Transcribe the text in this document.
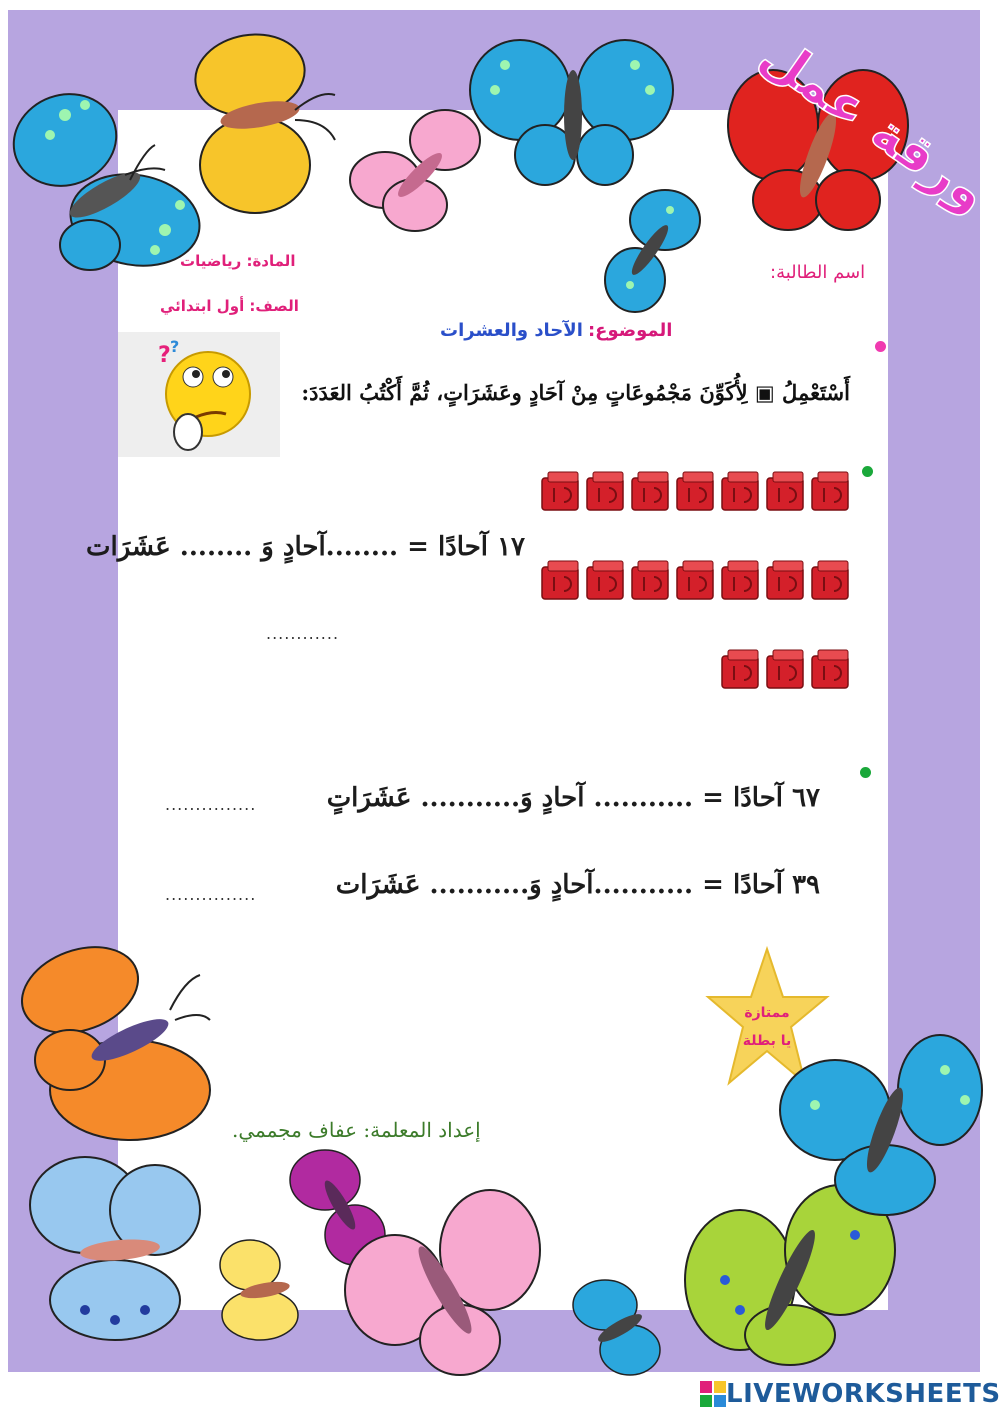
ورقة عمل
المادة: رياضيات
الصف: أول ابتدائي
اسم الطالبة:
الموضوع: الآحاد والعشرات
? ?
أَسْتَعْمِلُ ▣ لِأُكَوِّنَ مَجْمُوعَاتٍ مِنْ آحَادٍ وعَشَرَاتٍ، ثُمَّ أَكْتُبُ العَدَدَ:
١٧ آحادًا = ........آحادٍ وَ ........ عَشَرَات
............
٦٧ آحادًا = ........... آحادٍ وَ........... عَشَرَاتٍ
...............
٣٩ آحادًا = ...........آحادٍ وَ........... عَشَرَات
...............
ممتازة
يا بطلة
إعداد المعلمة: عفاف مجممي.
LIVEWORKSHEETS
